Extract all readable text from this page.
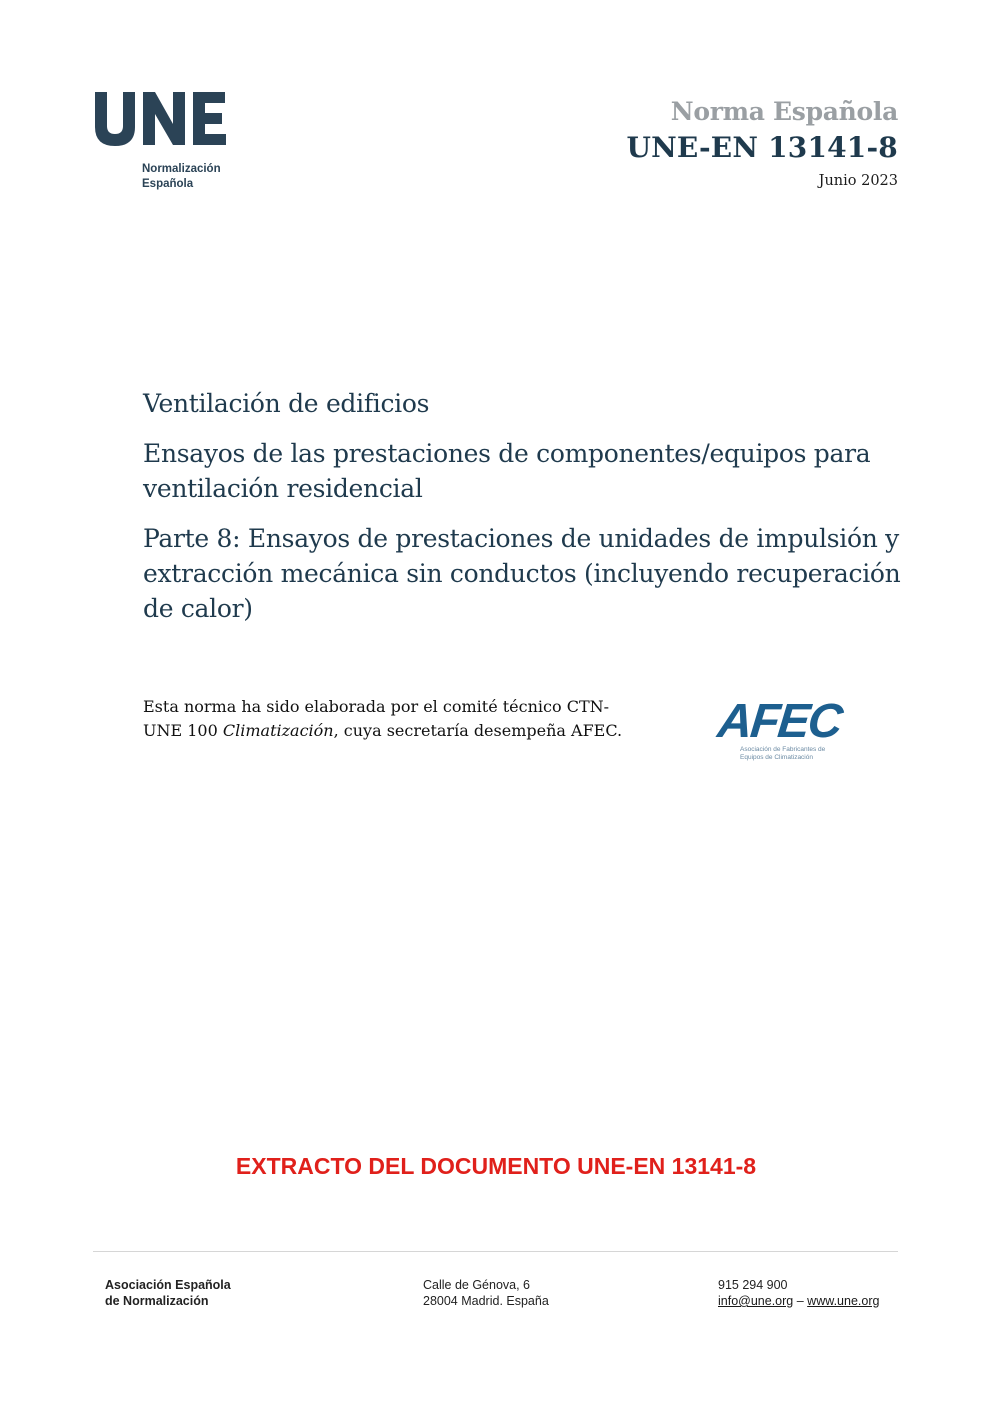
Normalización
Española
Norma Española
UNE-EN 13141-8
Junio 2023

Ventilación de edificios

Ensayos de las prestaciones de componentes/equipos para ventilación residencial

Parte 8: Ensayos de prestaciones de unidades de impulsión y extracción mecánica sin conductos (incluyendo recuperación de calor)

Esta norma ha sido elaborada por el comité técnico CTN-UNE 100 Climatización, cuya secretaría desempeña AFEC.	AFEC
Asociación de Fabricantes de
Equipos de Climatización
EXTRACTO DEL DOCUMENTO UNE-EN 13141-8
Asociación Española
de Normalización
Calle de Génova, 6
28004 Madrid. España
915 294 900
info@une.org – www.une.org
